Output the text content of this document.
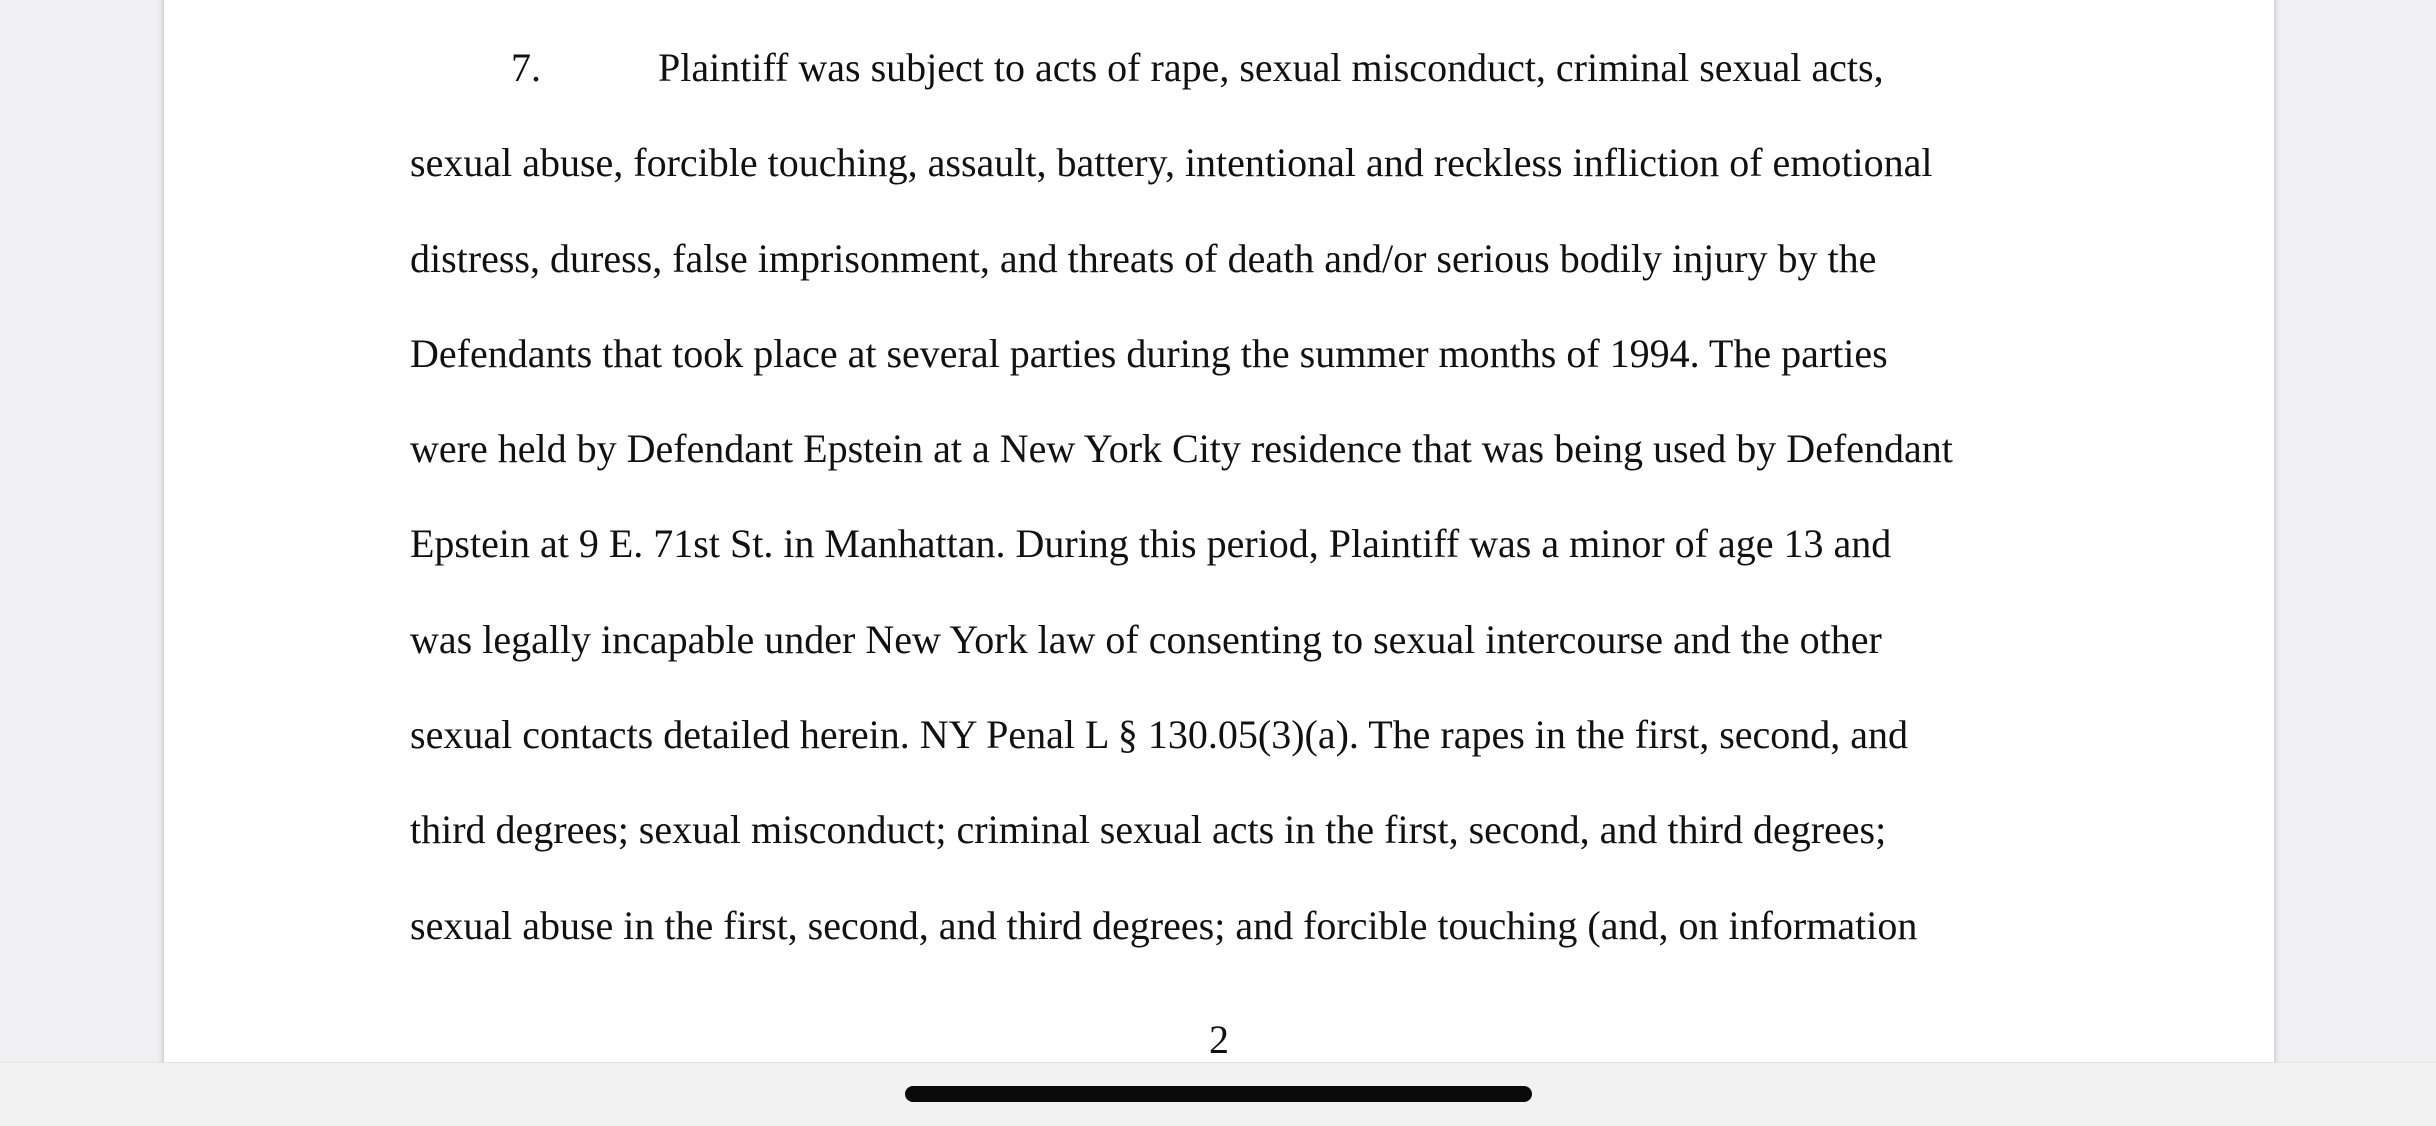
7.	Plaintiff was subject to acts of rape, sexual misconduct, criminal sexual acts,
sexual abuse, forcible touching, assault, battery, intentional and reckless infliction of emotional
distress, duress, false imprisonment, and threats of death and/or serious bodily injury by the
Defendants that took place at several parties during the summer months of 1994. The parties
were held by Defendant Epstein at a New York City residence that was being used by Defendant
Epstein at 9 E. 71st St. in Manhattan. During this period, Plaintiff was a minor of age 13 and
was legally incapable under New York law of consenting to sexual intercourse and the other
sexual contacts detailed herein. NY Penal L § 130.05(3)(a). The rapes in the first, second, and
third degrees; sexual misconduct; criminal sexual acts in the first, second, and third degrees;
sexual abuse in the first, second, and third degrees; and forcible touching (and, on information

2
